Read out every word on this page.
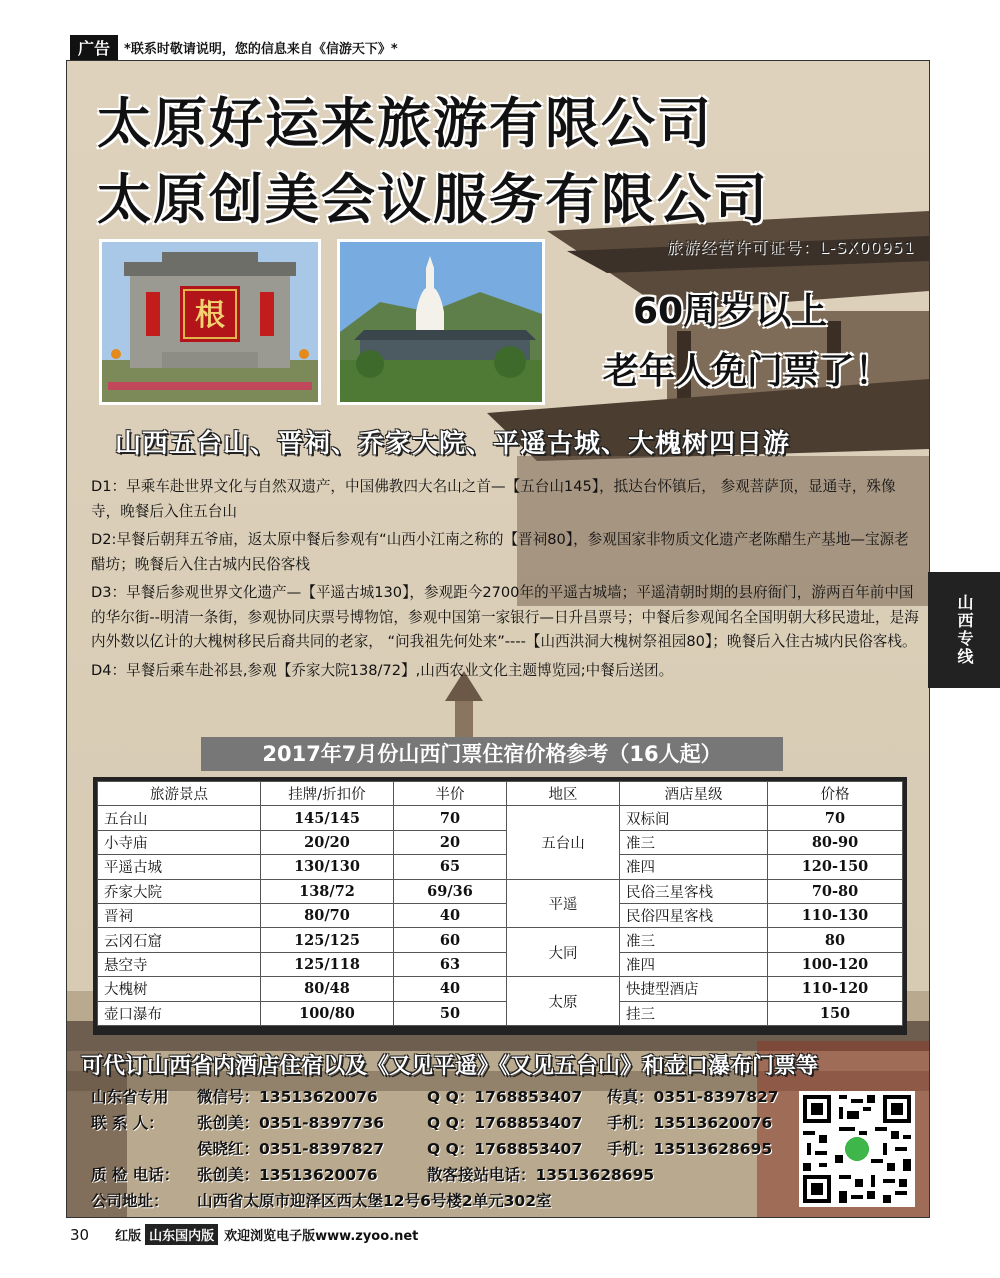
广告	*联系时敬请说明，您的信息来自《信游天下》*
太原好运来旅游有限公司
太原创美会议服务有限公司
旅游经营许可证号：L-SX00951
根	60周岁以上
老年人免门票了！
山西五台山、晋祠、乔家大院、平遥古城、大槐树四日游

D1：早乘车赴世界文化与自然双遗产，中国佛教四大名山之首—【五台山145】，抵达台怀镇后， 参观菩萨顶，显通寺，殊像寺，晚餐后入住五台山

D2:早餐后朝拜五爷庙，返太原中餐后参观有“山西小江南之称的【晋祠80】，参观国家非物质文化遗产老陈醋生产基地—宝源老醋坊；晚餐后入住古城内民俗客栈

D3：早餐后参观世界文化遗产—【平遥古城130】，参观距今2700年的平遥古城墙；平遥清朝时期的县府衙门，游两百年前中国的华尔街--明清一条街，参观协同庆票号博物馆，参观中国第一家银行—日升昌票号；中餐后参观闻名全国明朝大移民遗址，是海内外数以亿计的大槐树移民后裔共同的老家， “问我祖先何处来”----【山西洪洞大槐树祭祖园80】；晚餐后入住古城内民俗客栈。

D4：早餐后乘车赴祁县,参观【乔家大院138/72】,山西农业文化主题博览园;中餐后送团。

2017年7月份山西门票住宿价格参考（16人起）
旅游景点	挂牌/折扣价	半价	地区	酒店星级	价格
五台山	145/145	70	五台山	双标间	70
小寺庙	20/20	20		准三	80-90
平遥古城	130/130	65		准四	120-150
乔家大院	138/72	69/36	平遥	民俗三星客栈	70-80
晋祠	80/70	40		民俗四星客栈	110-130
云冈石窟	125/125	60	大同	准三	80
悬空寺	125/118	63		准四	100-120
大槐树	80/48	40	太原	快捷型酒店	110-120
壶口瀑布	100/80	50		挂三	150
可代订山西省内酒店住宿以及《又见平遥》《又见五台山》和壶口瀑布门票等
山东省专用 微信号：13513620076	Q Q：1768853407 传真：0351-8397827
联 系 人： 张创美：0351-8397736	Q Q：1768853407 手机：13513620076
侯晓红：0351-8397827	Q Q：1768853407 手机：13513628695
质 检 电话： 张创美：13513620076	散客接站电话：13513628695
公司地址： 山西省太原市迎泽区西太堡12号6号楼2单元302室
山西专线
30 红版 山东国内版 欢迎浏览电子版www.zyoo.net
